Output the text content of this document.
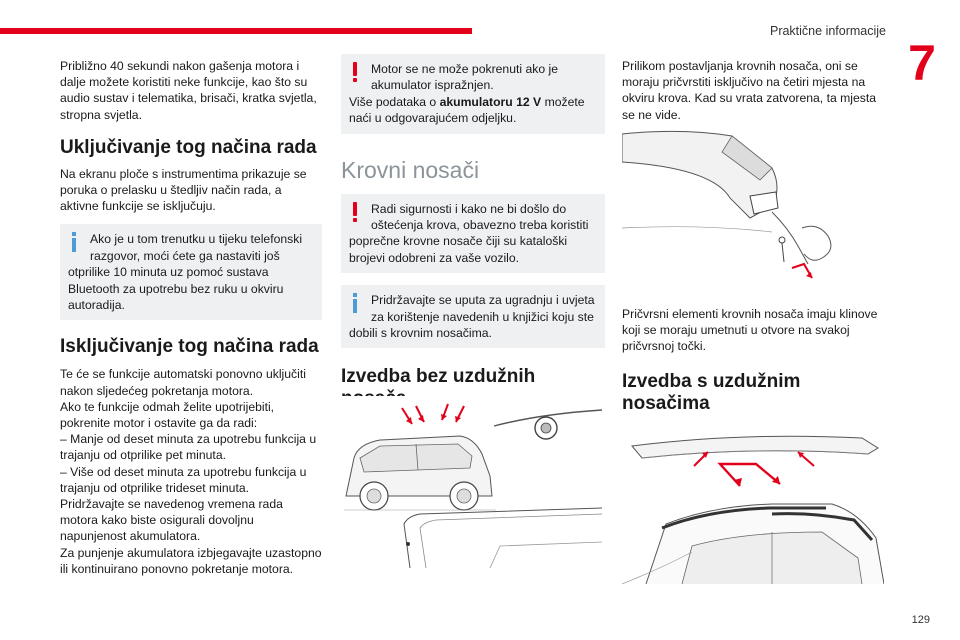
Praktične informacije
7

Približno 40 sekundi nakon gašenja motora i dalje možete koristiti neke funkcije, kao što su audio sustav i telematika, brisači, kratka svjetla, stropna svjetla.

Uključivanje tog načina rada

Na ekranu ploče s instrumentima prikazuje se poruka o prelasku u štedljiv način rada, a aktivne funkcije se isključuju.

Ako je u tom trenutku u tijeku telefonski razgovor, moći ćete ga nastaviti još

otprilike 10 minuta uz pomoć sustava Bluetooth za upotrebu bez ruku u okviru autoradija.

Isključivanje tog načina rada

Te će se funkcije automatski ponovno uključiti nakon sljedećeg pokretanja motora.

Ako te funkcije odmah želite upotrijebiti, pokrenite motor i ostavite ga da radi:

– Manje od deset minuta za upotrebu funkcija u trajanju od otprilike pet minuta.

– Više od deset minuta za upotrebu funkcija u trajanju od otprilike trideset minuta.

Pridržavajte se navedenog vremena rada motora kako biste osigurali dovoljnu napunjenost akumulatora.

Za punjenje akumulatora izbjegavajte uzastopno ili kontinuirano ponovno pokretanje motora.

Motor se ne može pokrenuti ako je akumulator ispražnjen.

Više podataka o akumulatoru 12 V možete naći u odgovarajućem odjeljku.

Krovni nosači

Radi sigurnosti i kako ne bi došlo do oštećenja krova, obavezno treba koristiti

poprečne krovne nosače čiji su kataloški brojevi odobreni za vaše vozilo.

Pridržavajte se uputa za ugradnju i uvjeta za korištenje navedenih u knjižici koju ste

dobili s krovnim nosačima.

Izvedba bez uzdužnih nosača

Prilikom postavljanja krovnih nosača, oni se moraju pričvrstiti isključivo na četiri mjesta na okviru krova. Kad su vrata zatvorena, ta mjesta se ne vide.

Pričvrsni elementi krovnih nosača imaju klinove koji se moraju umetnuti u otvore na svakoj pričvrsnoj točki.

Izvedba s uzdužnim nosačima
129
